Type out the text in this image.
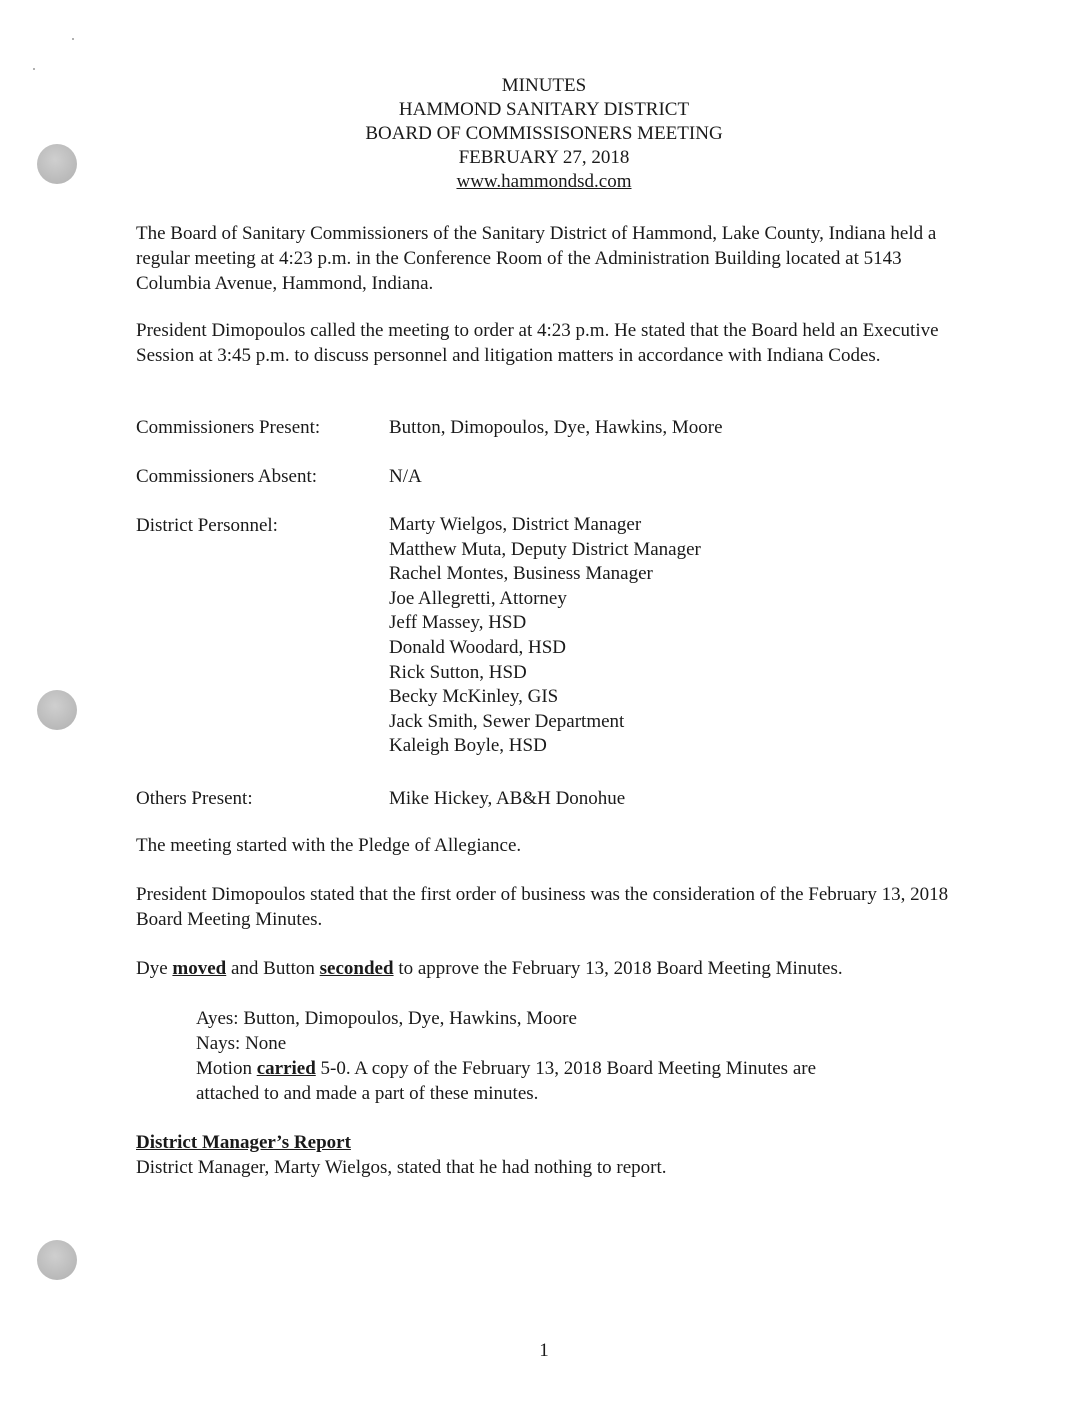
MINUTES
HAMMOND SANITARY DISTRICT
BOARD OF COMMISSISONERS MEETING
FEBRUARY 27, 2018
www.hammondsd.com

The Board of Sanitary Commissioners of the Sanitary District of Hammond, Lake County, Indiana held a regular meeting at 4:23 p.m. in the Conference Room of the Administration Building located at 5143 Columbia Avenue, Hammond, Indiana.

President Dimopoulos called the meeting to order at 4:23 p.m. He stated that the Board held an Executive Session at 3:45 p.m. to discuss personnel and litigation matters in accordance with Indiana Codes.

Commissioners Present:	Button, Dimopoulos, Dye, Hawkins, Moore
Commissioners Absent:	N/A
District Personnel:	Marty Wielgos, District Manager
Matthew Muta, Deputy District Manager
Rachel Montes, Business Manager
Joe Allegretti, Attorney
Jeff Massey, HSD
Donald Woodard, HSD
Rick Sutton, HSD
Becky McKinley, GIS
Jack Smith, Sewer Department
Kaleigh Boyle, HSD
Others Present:	Mike Hickey, AB&H Donohue

The meeting started with the Pledge of Allegiance.

President Dimopoulos stated that the first order of business was the consideration of the February 13, 2018 Board Meeting Minutes.

Dye moved and Button seconded to approve the February 13, 2018 Board Meeting Minutes.

Ayes: Button, Dimopoulos, Dye, Hawkins, Moore
Nays: None
Motion carried 5-0. A copy of the February 13, 2018 Board Meeting Minutes are
attached to and made a part of these minutes.
District Manager’s Report
District Manager, Marty Wielgos, stated that he had nothing to report.
1
